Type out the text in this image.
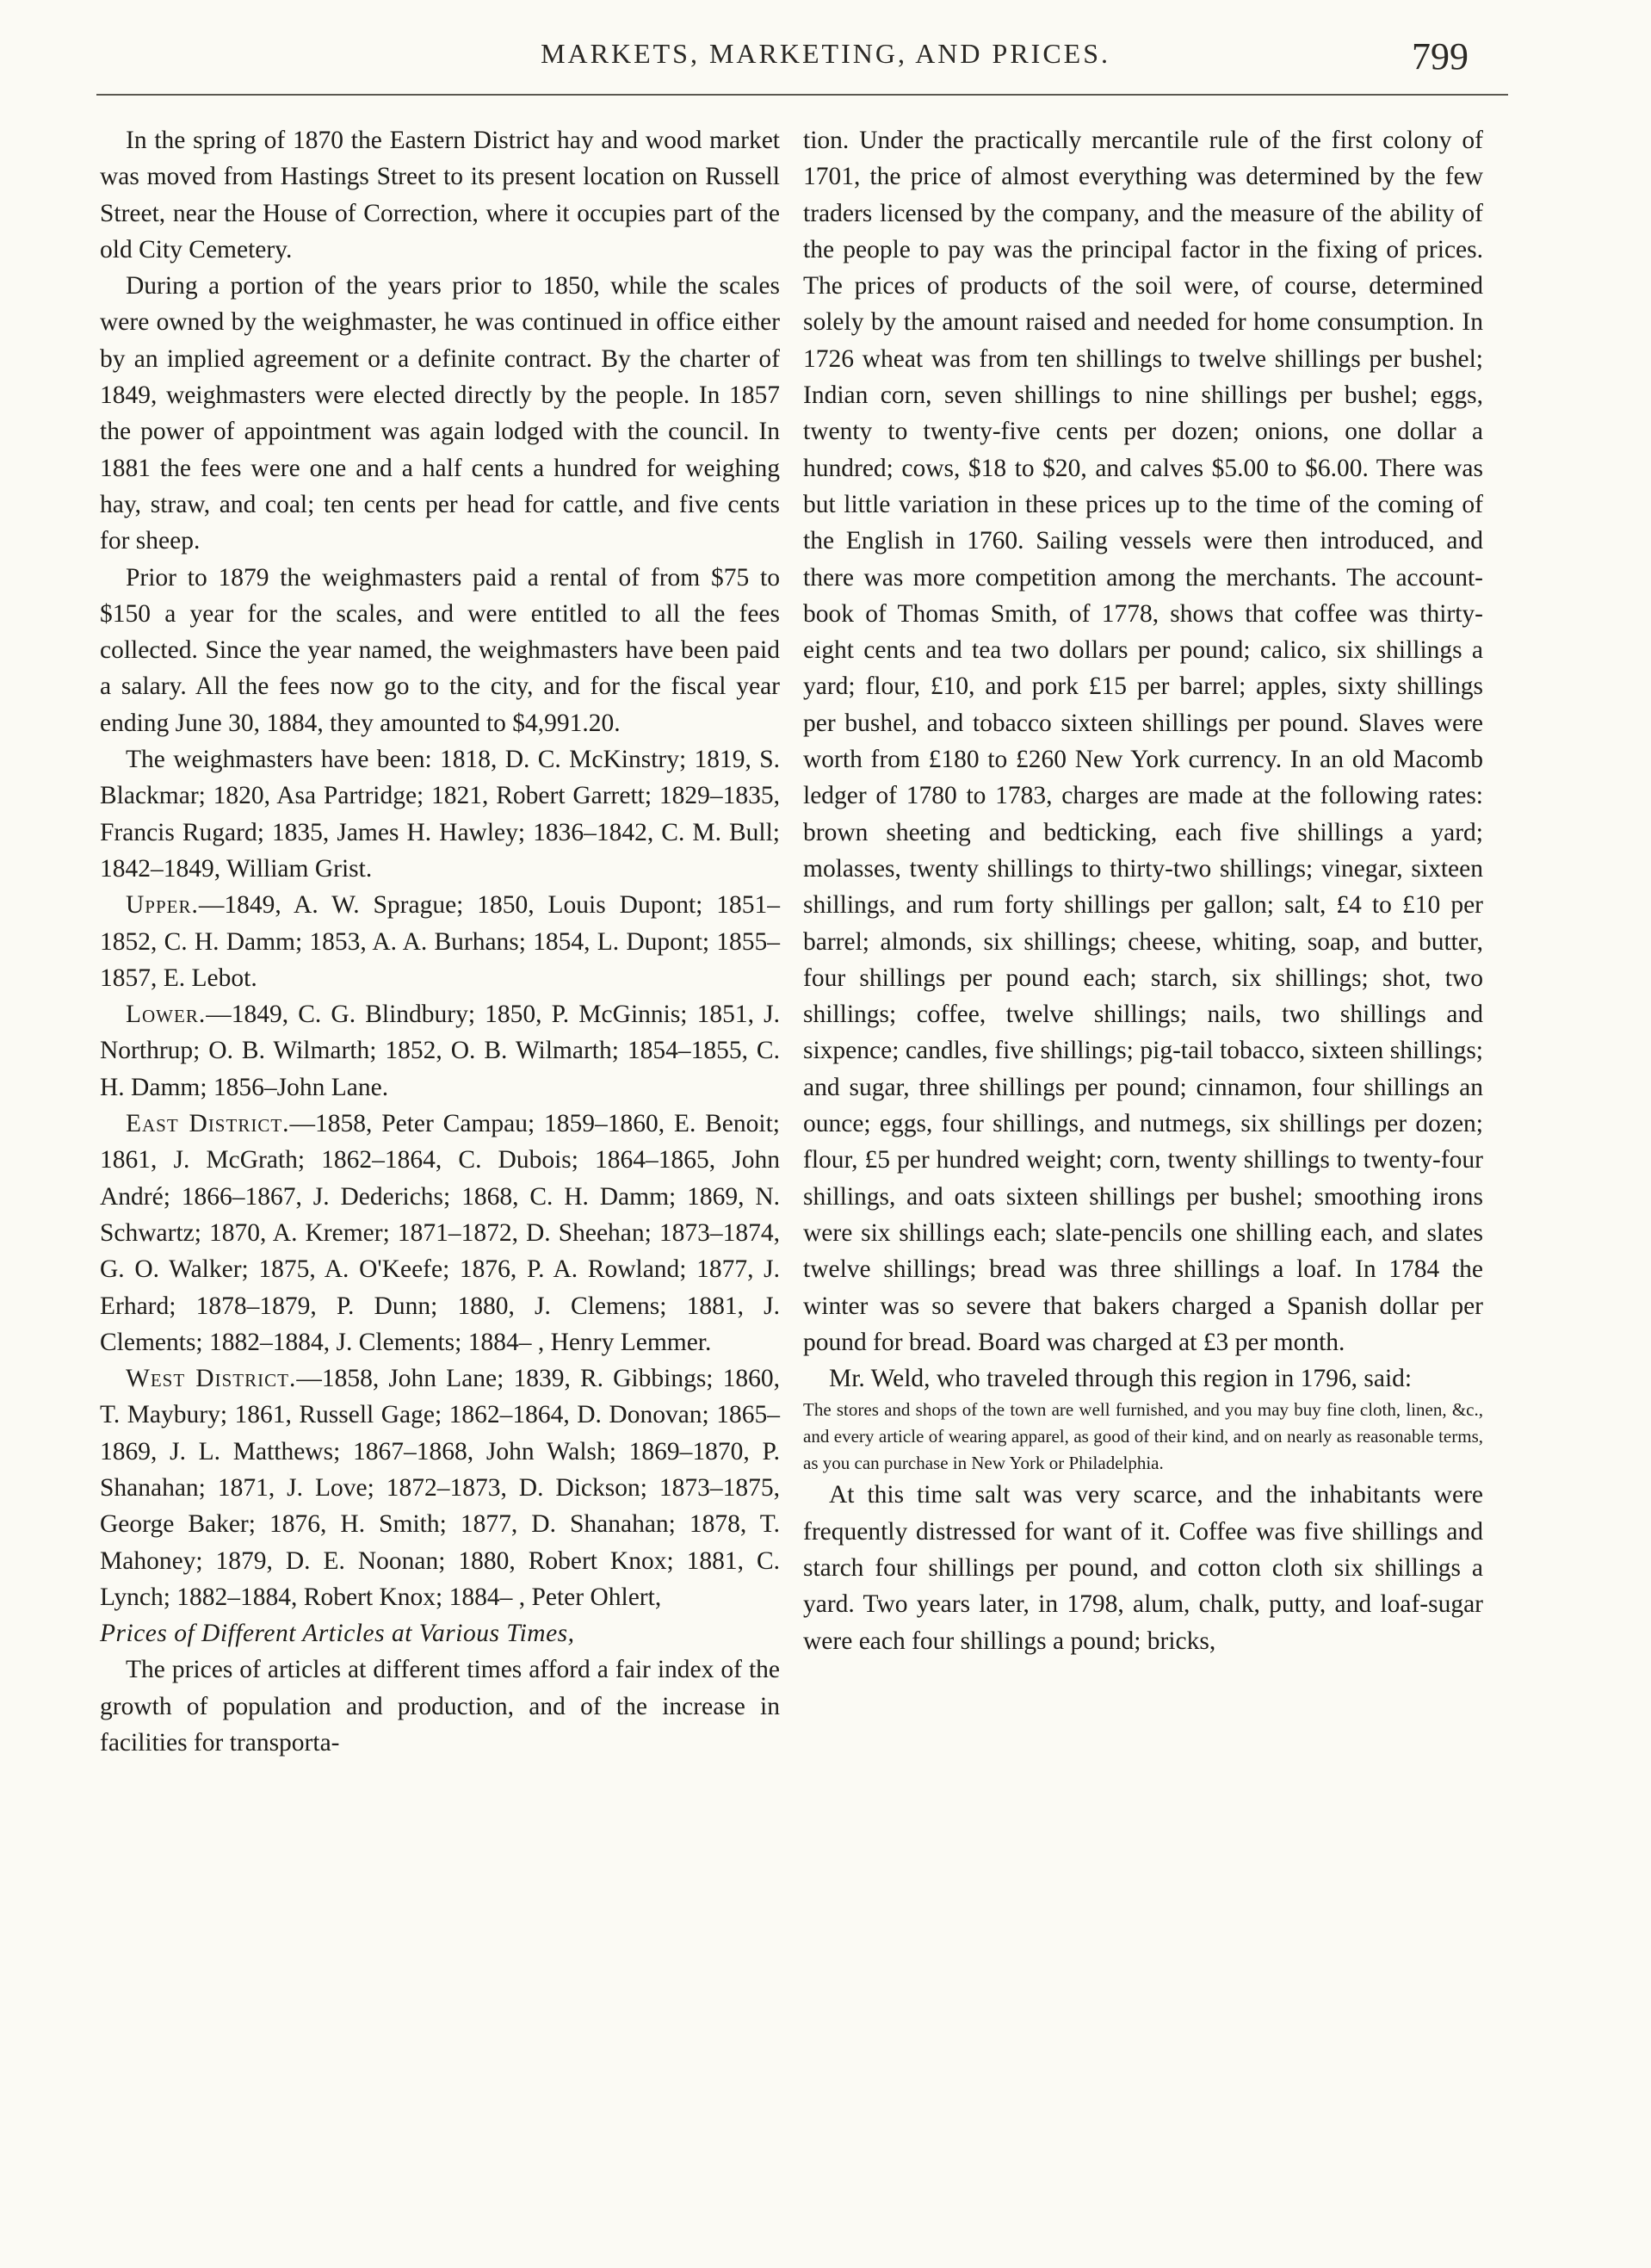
MARKETS, MARKETING, AND PRICES.	799

In the spring of 1870 the Eastern District hay and wood market was moved from Hastings Street to its present location on Russell Street, near the House of Correction, where it occupies part of the old City Cemetery.

During a portion of the years prior to 1850, while the scales were owned by the weighmaster, he was continued in office either by an implied agreement or a definite contract. By the charter of 1849, weighmasters were elected directly by the people. In 1857 the power of appointment was again lodged with the council. In 1881 the fees were one and a half cents a hundred for weighing hay, straw, and coal; ten cents per head for cattle, and five cents for sheep.

Prior to 1879 the weighmasters paid a rental of from $75 to $150 a year for the scales, and were entitled to all the fees collected. Since the year named, the weighmasters have been paid a salary. All the fees now go to the city, and for the fiscal year ending June 30, 1884, they amounted to $4,991.20.

The weighmasters have been: 1818, D. C. McKinstry; 1819, S. Blackmar; 1820, Asa Partridge; 1821, Robert Garrett; 1829–1835, Francis Rugard; 1835, James H. Hawley; 1836–1842, C. M. Bull; 1842–1849, William Grist.

Upper.—1849, A. W. Sprague; 1850, Louis Dupont; 1851–1852, C. H. Damm; 1853, A. A. Burhans; 1854, L. Dupont; 1855–1857, E. Lebot.

Lower.—1849, C. G. Blindbury; 1850, P. McGinnis; 1851, J. Northrup; O. B. Wilmarth; 1852, O. B. Wilmarth; 1854–1855, C. H. Damm; 1856–John Lane.

East District.—1858, Peter Campau; 1859–1860, E. Benoit; 1861, J. McGrath; 1862–1864, C. Dubois; 1864–1865, John André; 1866–1867, J. Dederichs; 1868, C. H. Damm; 1869, N. Schwartz; 1870, A. Kremer; 1871–1872, D. Sheehan; 1873–1874, G. O. Walker; 1875, A. O'Keefe; 1876, P. A. Rowland; 1877, J. Erhard; 1878–1879, P. Dunn; 1880, J. Clemens; 1881, J. Clements; 1882–1884, J. Clements; 1884– , Henry Lemmer.

West District.—1858, John Lane; 1839, R. Gibbings; 1860, T. Maybury; 1861, Russell Gage; 1862–1864, D. Donovan; 1865–1869, J. L. Matthews; 1867–1868, John Walsh; 1869–1870, P. Shanahan; 1871, J. Love; 1872–1873, D. Dickson; 1873–1875, George Baker; 1876, H. Smith; 1877, D. Shanahan; 1878, T. Mahoney; 1879, D. E. Noonan; 1880, Robert Knox; 1881, C. Lynch; 1882–1884, Robert Knox; 1884– , Peter Ohlert,

Prices of Different Articles at Various Times,

The prices of articles at different times afford a fair index of the growth of population and production, and of the increase in facilities for transporta-

tion. Under the practically mercantile rule of the first colony of 1701, the price of almost everything was determined by the few traders licensed by the company, and the measure of the ability of the people to pay was the principal factor in the fixing of prices. The prices of products of the soil were, of course, determined solely by the amount raised and needed for home consumption. In 1726 wheat was from ten shillings to twelve shillings per bushel; Indian corn, seven shillings to nine shillings per bushel; eggs, twenty to twenty-five cents per dozen; onions, one dollar a hundred; cows, $18 to $20, and calves $5.00 to $6.00. There was but little variation in these prices up to the time of the coming of the English in 1760. Sailing vessels were then introduced, and there was more competition among the merchants. The account-book of Thomas Smith, of 1778, shows that coffee was thirty-eight cents and tea two dollars per pound; calico, six shillings a yard; flour, £10, and pork £15 per barrel; apples, sixty shillings per bushel, and tobacco sixteen shillings per pound. Slaves were worth from £180 to £260 New York currency. In an old Macomb ledger of 1780 to 1783, charges are made at the following rates: brown sheeting and bedticking, each five shillings a yard; molasses, twenty shillings to thirty-two shillings; vinegar, sixteen shillings, and rum forty shillings per gallon; salt, £4 to £10 per barrel; almonds, six shillings; cheese, whiting, soap, and butter, four shillings per pound each; starch, six shillings; shot, two shillings; coffee, twelve shillings; nails, two shillings and sixpence; candles, five shillings; pig-tail tobacco, sixteen shillings; and sugar, three shillings per pound; cinnamon, four shillings an ounce; eggs, four shillings, and nutmegs, six shillings per dozen; flour, £5 per hundred weight; corn, twenty shillings to twenty-four shillings, and oats sixteen shillings per bushel; smoothing irons were six shillings each; slate-pencils one shilling each, and slates twelve shillings; bread was three shillings a loaf. In 1784 the winter was so severe that bakers charged a Spanish dollar per pound for bread. Board was charged at £3 per month.

Mr. Weld, who traveled through this region in 1796, said:

The stores and shops of the town are well furnished, and you may buy fine cloth, linen, &c., and every article of wearing apparel, as good of their kind, and on nearly as reasonable terms, as you can purchase in New York or Philadelphia.

At this time salt was very scarce, and the inhabitants were frequently distressed for want of it. Coffee was five shillings and starch four shillings per pound, and cotton cloth six shillings a yard. Two years later, in 1798, alum, chalk, putty, and loaf-sugar were each four shillings a pound; bricks,
